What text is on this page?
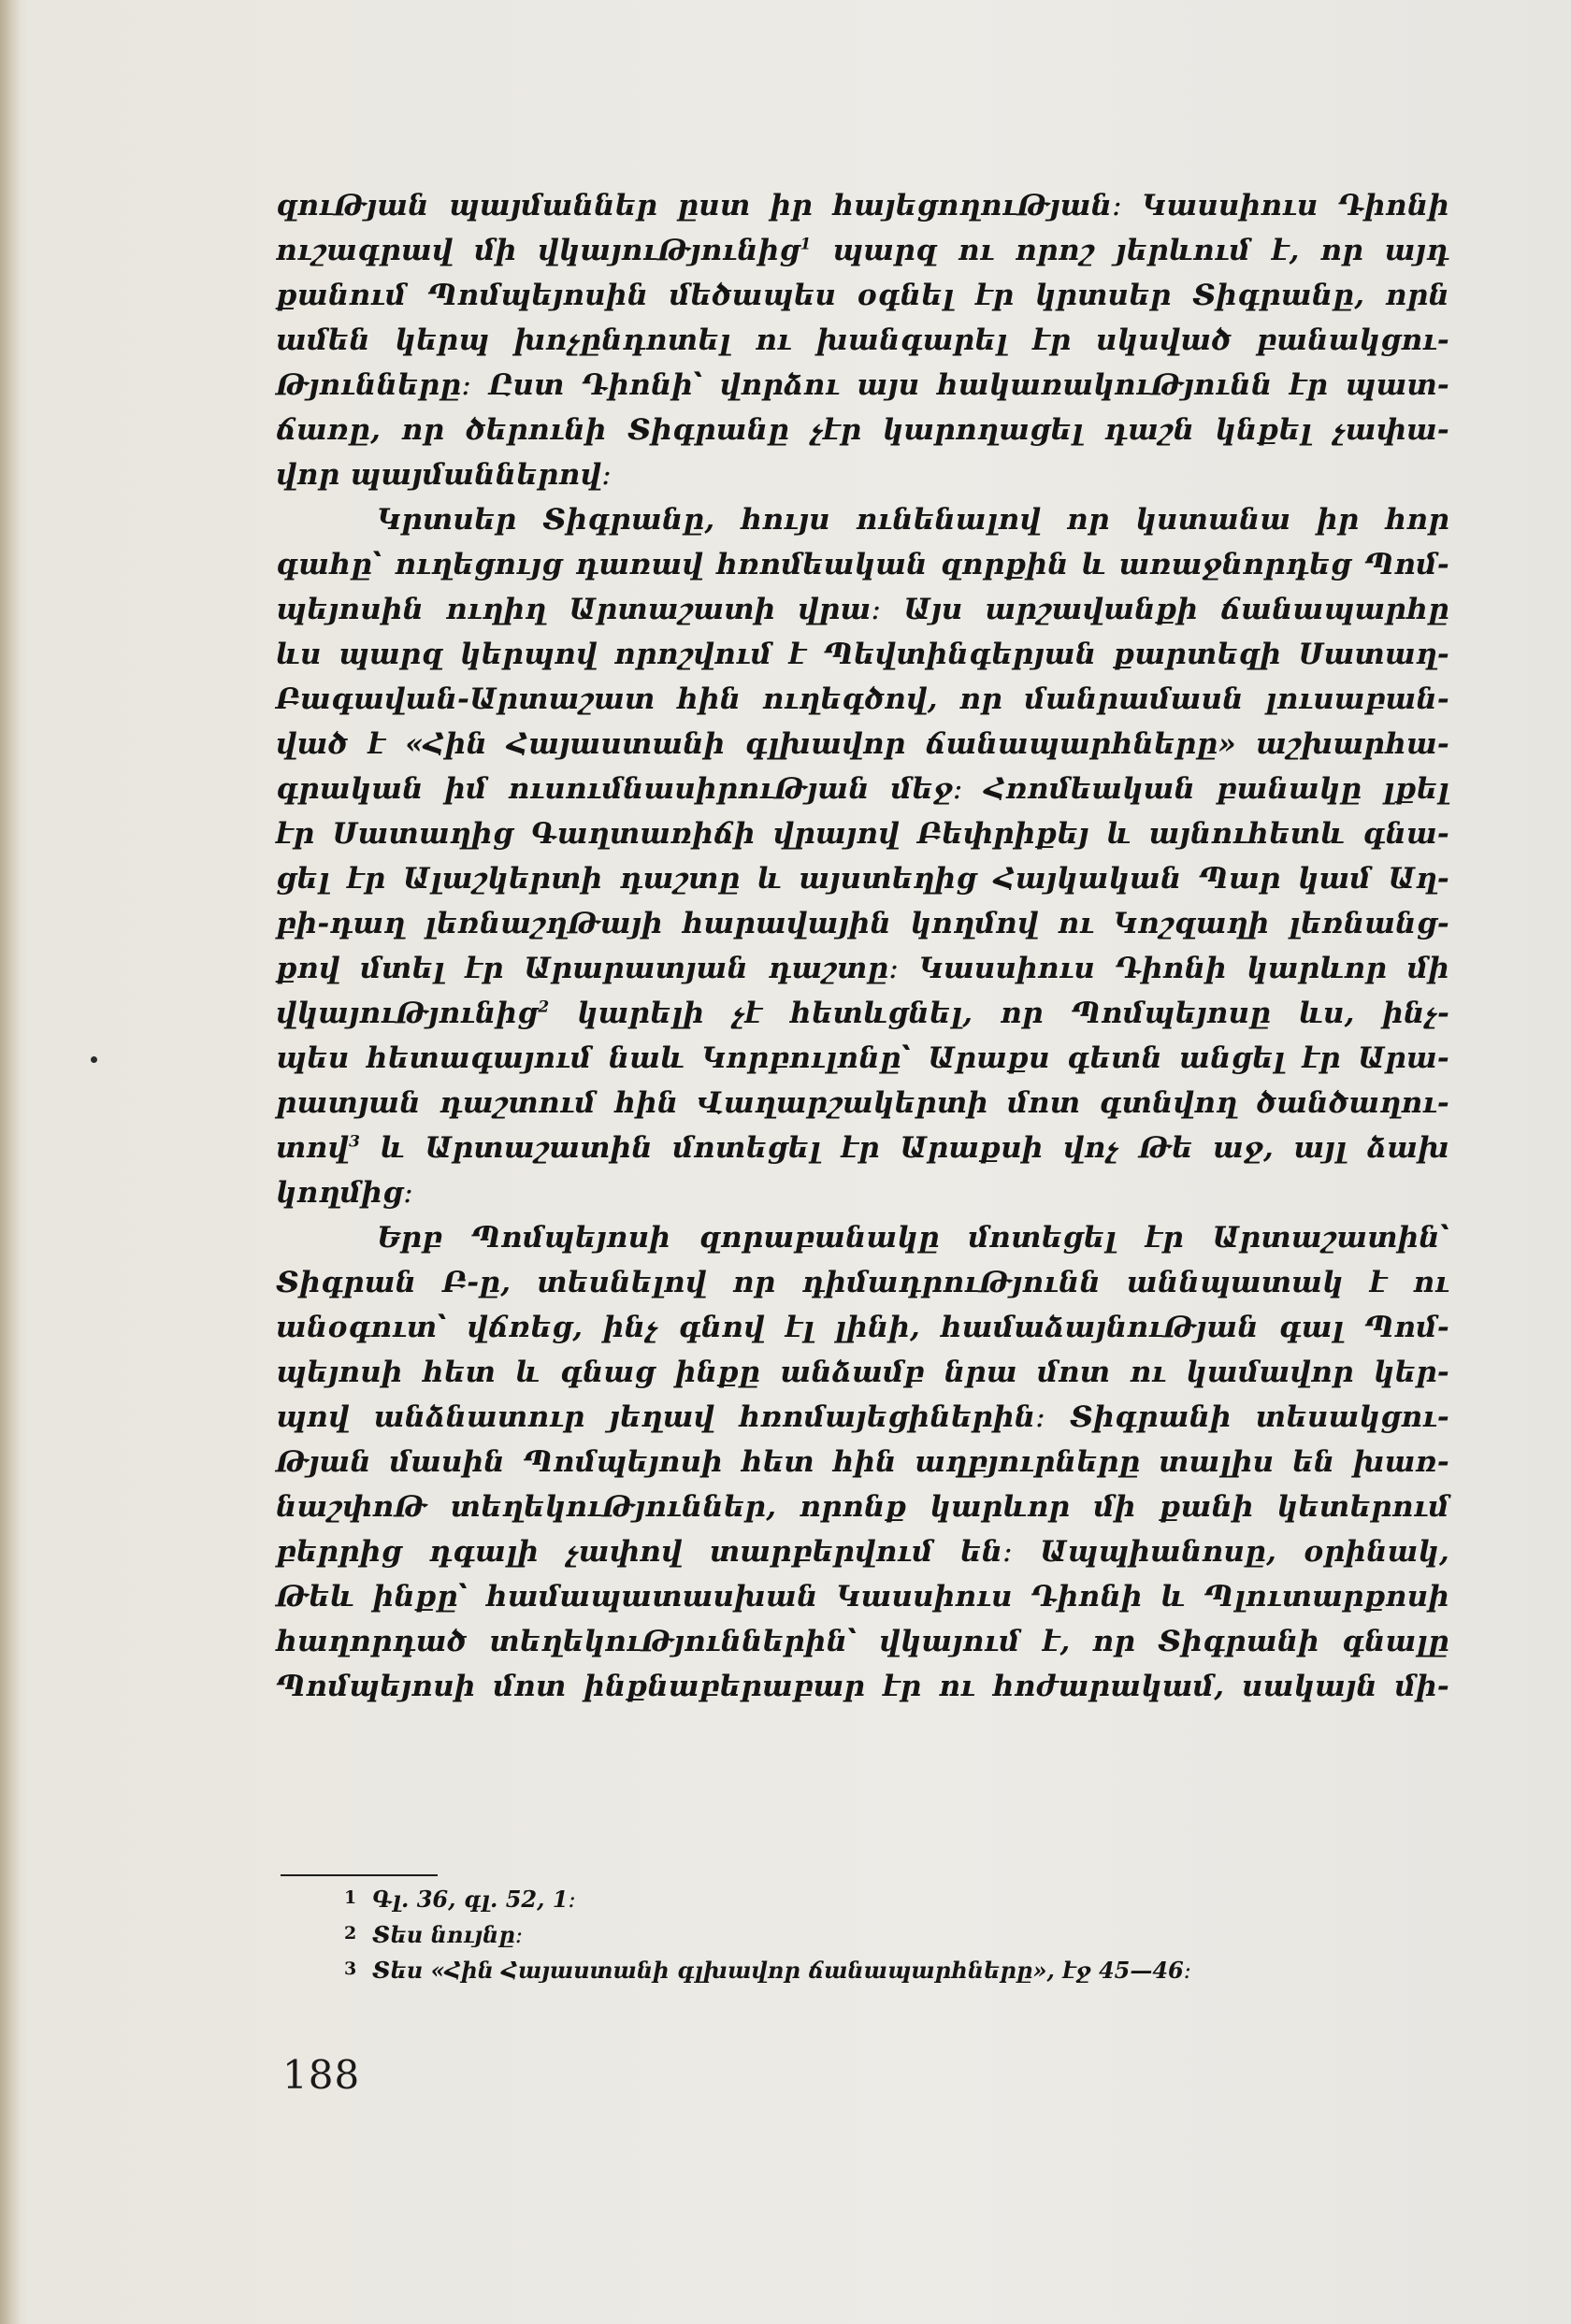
զուԹյան պայմաններ ըստ իր հայեցողուԹյան։ Կասսիուս Դիոնի
ուշագրավ մի վկայուԹյունից$^1$ պարզ ու որոշ յերևում է, որ այդ
քանում Պոմպեյոսին մեծապես օգնել էր կրտսեր Տիգրանը, որն
ամեն կերպ խոչընդոտել ու խանգարել էր սկսված բանակցու-
Թյունները։ Ըստ Դիոնի՝ վորձու այս հակառակուԹյունն էր պատ-
ճառը, որ ծերունի Տիգրանը չէր կարողացել դաշն կնքել չափա-
վոր պայմաններով։
Կրտսեր Տիգրանը, հույս ունենալով որ կստանա իր հոր
գահը՝ ուղեցույց դառավ հռոմեական զորքին և առաջնորդեց Պոմ-
պեյոսին ուղիղ Արտաշատի վրա։ Այս արշավանքի ճանապարհը
ևս պարզ կերպով որոշվում է Պեվտինգերյան քարտեզի Սատաղ-
Բագավան-Արտաշատ հին ուղեգծով, որ մանրամասն լուսաբան-
ված է «Հին Հայաստանի գլխավոր ճանապարհները» աշխարհա-
գրական իմ ուսումնասիրուԹյան մեջ։ Հռոմեական բանակը լքել
էր Սատաղից Գաղտառիճի վրայով Բեփրիքեյ և այնուհետև գնա-
ցել էր Ալաշկերտի դաշտը և այստեղից Հայկական Պար կամ Աղ-
բի-դաղ լեռնաշղԹայի հարավային կողմով ու Կոշզաղի լեռնանց-
քով մտել էր Արարատյան դաշտը։ Կասսիուս Դիոնի կարևոր մի
վկայուԹյունից$^2$ կարելի չէ հետևցնել, որ Պոմպեյոսը ևս, ինչ-
պես հետագայում նաև Կորբուլոնը՝ Արաքս գետն անցել էր Արա-
րատյան դաշտում հին Վաղարշակերտի մոտ գտնվող ծանծաղու-
տով$^3$ և Արտաշատին մոտեցել էր Արաքսի վոչ Թե աջ, այլ ձախ
կողմից։
Երբ Պոմպեյոսի զորաբանակը մոտեցել էր Արտաշատին՝
Տիգրան Բ-ը, տեսնելով որ դիմադրուԹյունն աննպատակ է ու
անօգուտ՝ վճռեց, ինչ գնով էլ լինի, համաձայնուԹյան գալ Պոմ-
պեյոսի հետ և գնաց ինքը անձամբ նրա մոտ ու կամավոր կեր-
պով անձնատուր յեղավ հռոմայեցիներին։ Տիգրանի տեսակցու-
Թյան մասին Պոմպեյոսի հետ հին աղբյուրները տալիս են խառ-
նաշփոԹ տեղեկուԹյուններ, որոնք կարևոր մի քանի կետերում
բերրից դգալի չափով տարբերվում են։ Ապպիանոսը, օրինակ,
Թեև ինքը՝ համապատասխան Կասսիուս Դիոնի և Պլուտարքոսի
հաղորդած տեղեկուԹյուններին՝ վկայում է, որ Տիգրանի գնալը
Պոմպեյոսի մոտ ինքնաբերաբար էր ու հոժարակամ, սակայն մի-
1 Գլ. 36, գլ. 52, 1։
2 Տես նույնը։
3 Տես «Հին Հայաստանի գլխավոր ճանապարհները», էջ 45—46։
188
